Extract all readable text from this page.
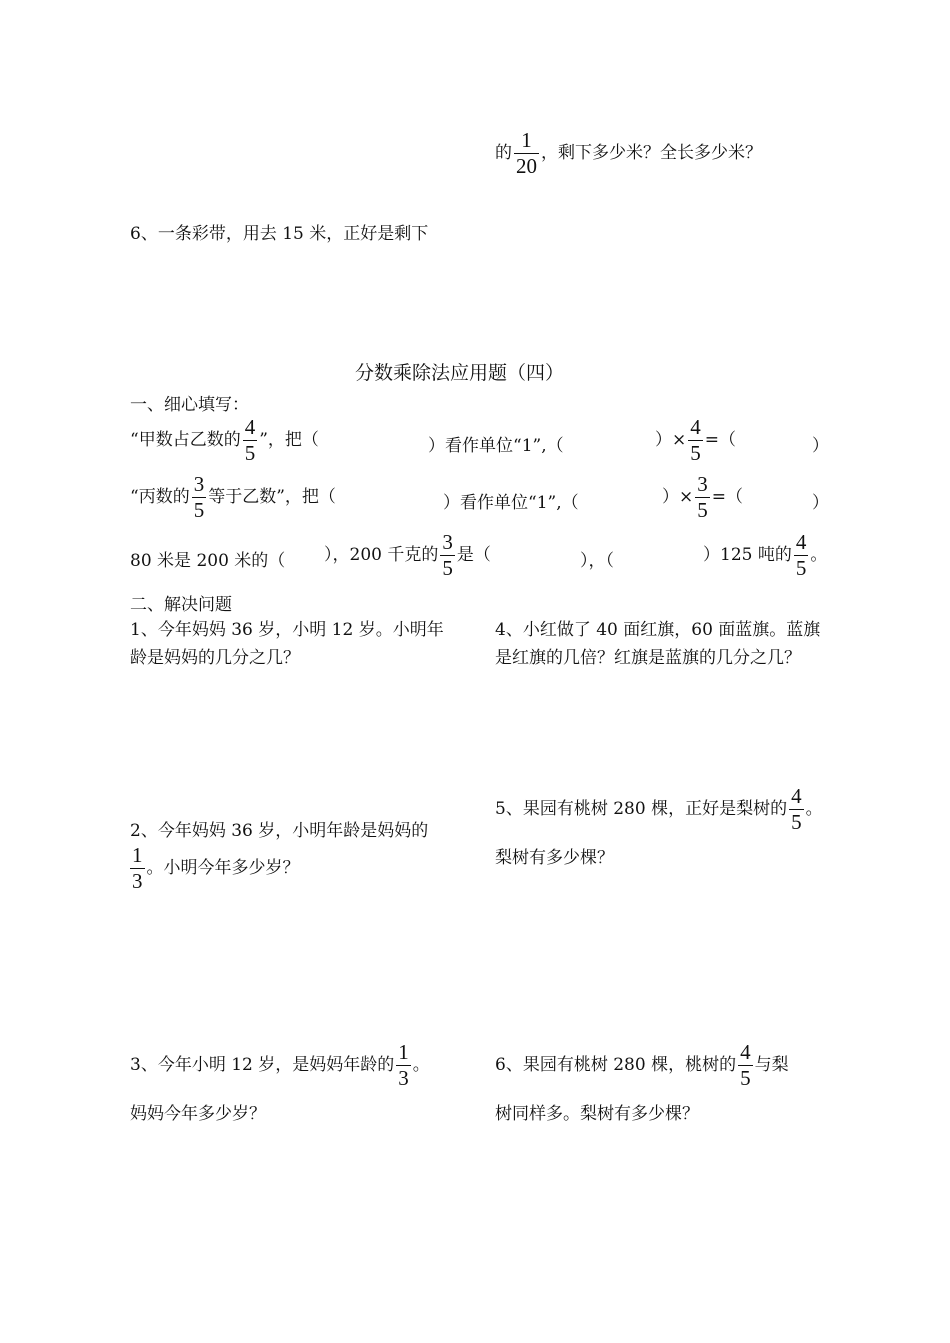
的 $\frac{1}{20}$ ，剩下多少米？全长多少米？
6、一条彩带，用去 15 米，正好是剩下
分数乘除法应用题（四）
一、细心填写：
“甲数占乙数的 $\frac{4}{5}$ ”，把（	）看作单位“1”,（	）× $\frac{4}{5}$ =（	）
“丙数的 $\frac{3}{5}$ 等于乙数”，把（	）看作单位“1”,（	）× $\frac{3}{5}$ =（	）
80 米是 200 米的（ ），200 千克的 $\frac{3}{5}$ 是（	），（	）125 吨的 $\frac{4}{5}$ 。
二、解决问题
1、今年妈妈 36 岁，小明 12 岁。小明年龄是妈妈的几分之几？
4、小红做了 40 面红旗，60 面蓝旗。蓝旗是红旗的几倍？红旗是蓝旗的几分之几？
2、今年妈妈 36 岁，小明年龄是妈妈的
$\frac{1}{3}$ 。小明今年多少岁？
5、果园有桃树 280 棵，正好是梨树的 $\frac{4}{5}$ 。
梨树有多少棵？
3、今年小明 12 岁，是妈妈年龄的 $\frac{1}{3}$ 。
妈妈今年多少岁？
6、果园有桃树 280 棵，桃树的 $\frac{4}{5}$ 与梨
树同样多。梨树有多少棵？
